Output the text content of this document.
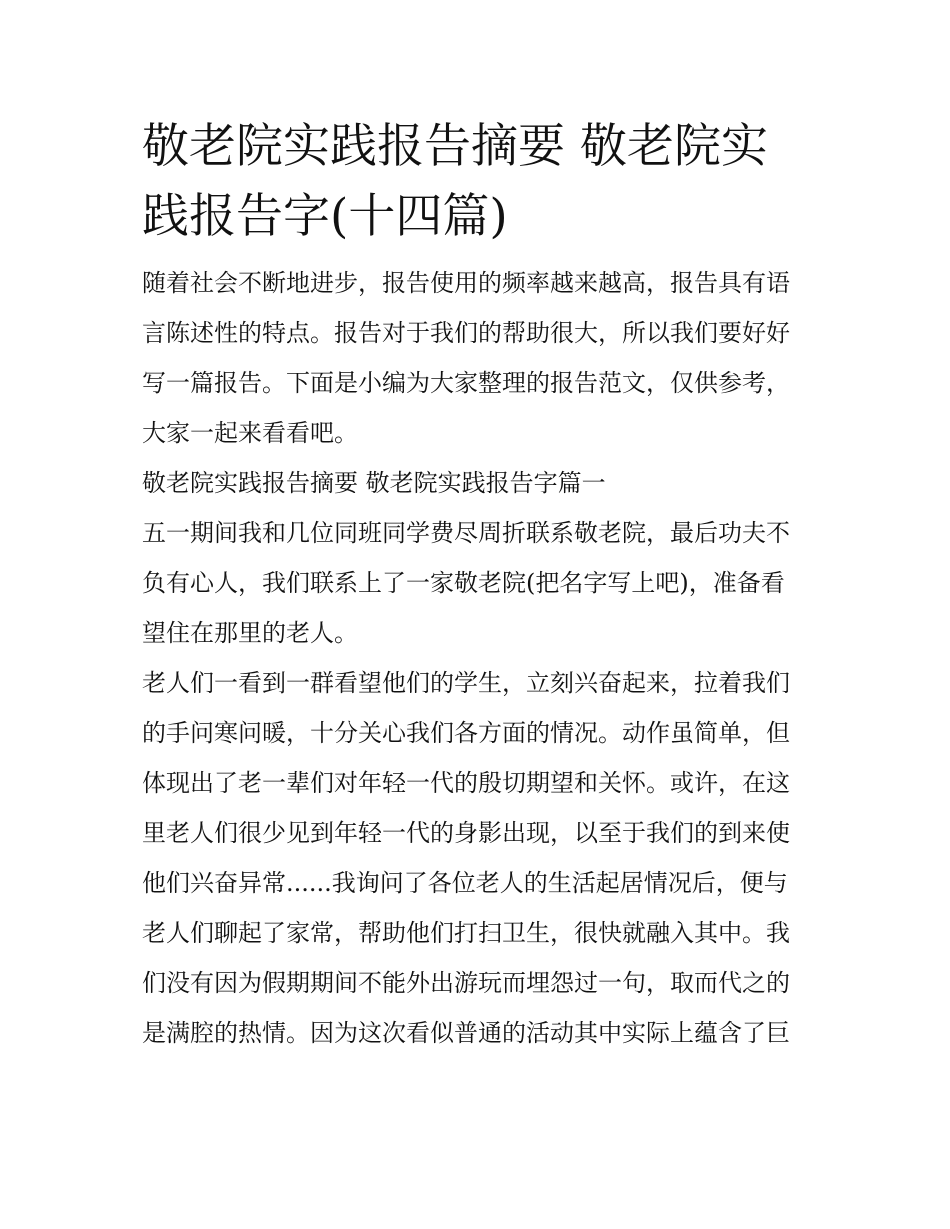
敬老院实践报告摘要 敬老院实
践报告字(十四篇)

随着社会不断地进步，报告使用的频率越来越高，报告具有语
言陈述性的特点。报告对于我们的帮助很大，所以我们要好好
写一篇报告。下面是小编为大家整理的报告范文，仅供参考，
大家一起来看看吧。

敬老院实践报告摘要 敬老院实践报告字篇一

五一期间我和几位同班同学费尽周折联系敬老院，最后功夫不
负有心人，我们联系上了一家敬老院(把名字写上吧)，准备看
望住在那里的老人。

老人们一看到一群看望他们的学生，立刻兴奋起来，拉着我们
的手问寒问暖，十分关心我们各方面的情况。动作虽简单，但
体现出了老一辈们对年轻一代的殷切期望和关怀。或许，在这
里老人们很少见到年轻一代的身影出现，以至于我们的到来使
他们兴奋异常......我询问了各位老人的生活起居情况后，便与
老人们聊起了家常，帮助他们打扫卫生，很快就融入其中。我
们没有因为假期期间不能外出游玩而埋怨过一句，取而代之的
是满腔的热情。因为这次看似普通的活动其中实际上蕴含了巨
